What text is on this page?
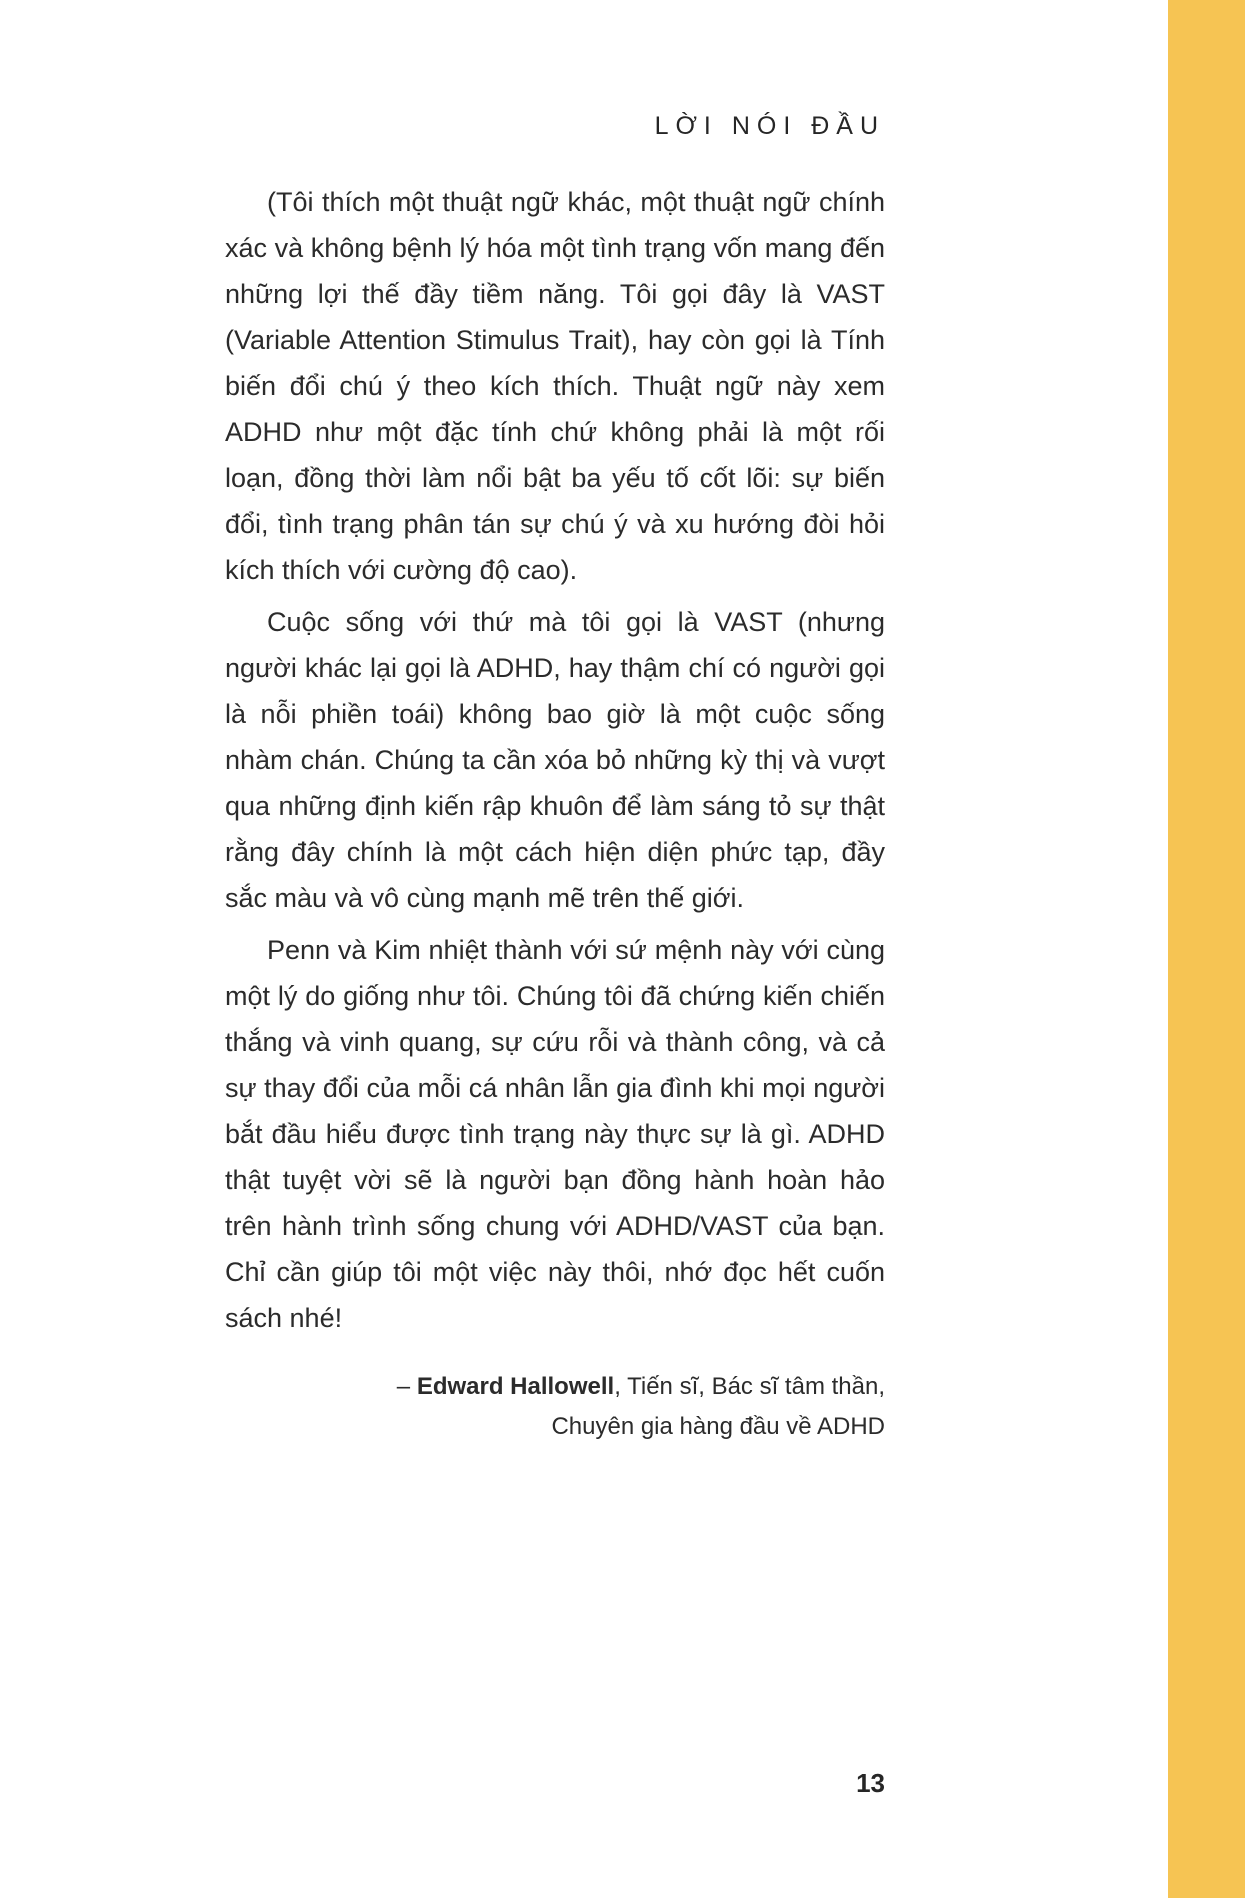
LỜI NÓI ĐẦU

(Tôi thích một thuật ngữ khác, một thuật ngữ chính xác và không bệnh lý hóa một tình trạng vốn mang đến những lợi thế đầy tiềm năng. Tôi gọi đây là VAST (Variable Attention Stimulus Trait), hay còn gọi là Tính biến đổi chú ý theo kích thích. Thuật ngữ này xem ADHD như một đặc tính chứ không phải là một rối loạn, đồng thời làm nổi bật ba yếu tố cốt lõi: sự biến đổi, tình trạng phân tán sự chú ý và xu hướng đòi hỏi kích thích với cường độ cao).

Cuộc sống với thứ mà tôi gọi là VAST (nhưng người khác lại gọi là ADHD, hay thậm chí có người gọi là nỗi phiền toái) không bao giờ là một cuộc sống nhàm chán. Chúng ta cần xóa bỏ những kỳ thị và vượt qua những định kiến rập khuôn để làm sáng tỏ sự thật rằng đây chính là một cách hiện diện phức tạp, đầy sắc màu và vô cùng mạnh mẽ trên thế giới.

Penn và Kim nhiệt thành với sứ mệnh này với cùng một lý do giống như tôi. Chúng tôi đã chứng kiến chiến thắng và vinh quang, sự cứu rỗi và thành công, và cả sự thay đổi của mỗi cá nhân lẫn gia đình khi mọi người bắt đầu hiểu được tình trạng này thực sự là gì. ADHD thật tuyệt vời sẽ là người bạn đồng hành hoàn hảo trên hành trình sống chung với ADHD/VAST của bạn. Chỉ cần giúp tôi một việc này thôi, nhớ đọc hết cuốn sách nhé!

– Edward Hallowell, Tiến sĩ, Bác sĩ tâm thần,
Chuyên gia hàng đầu về ADHD
13
